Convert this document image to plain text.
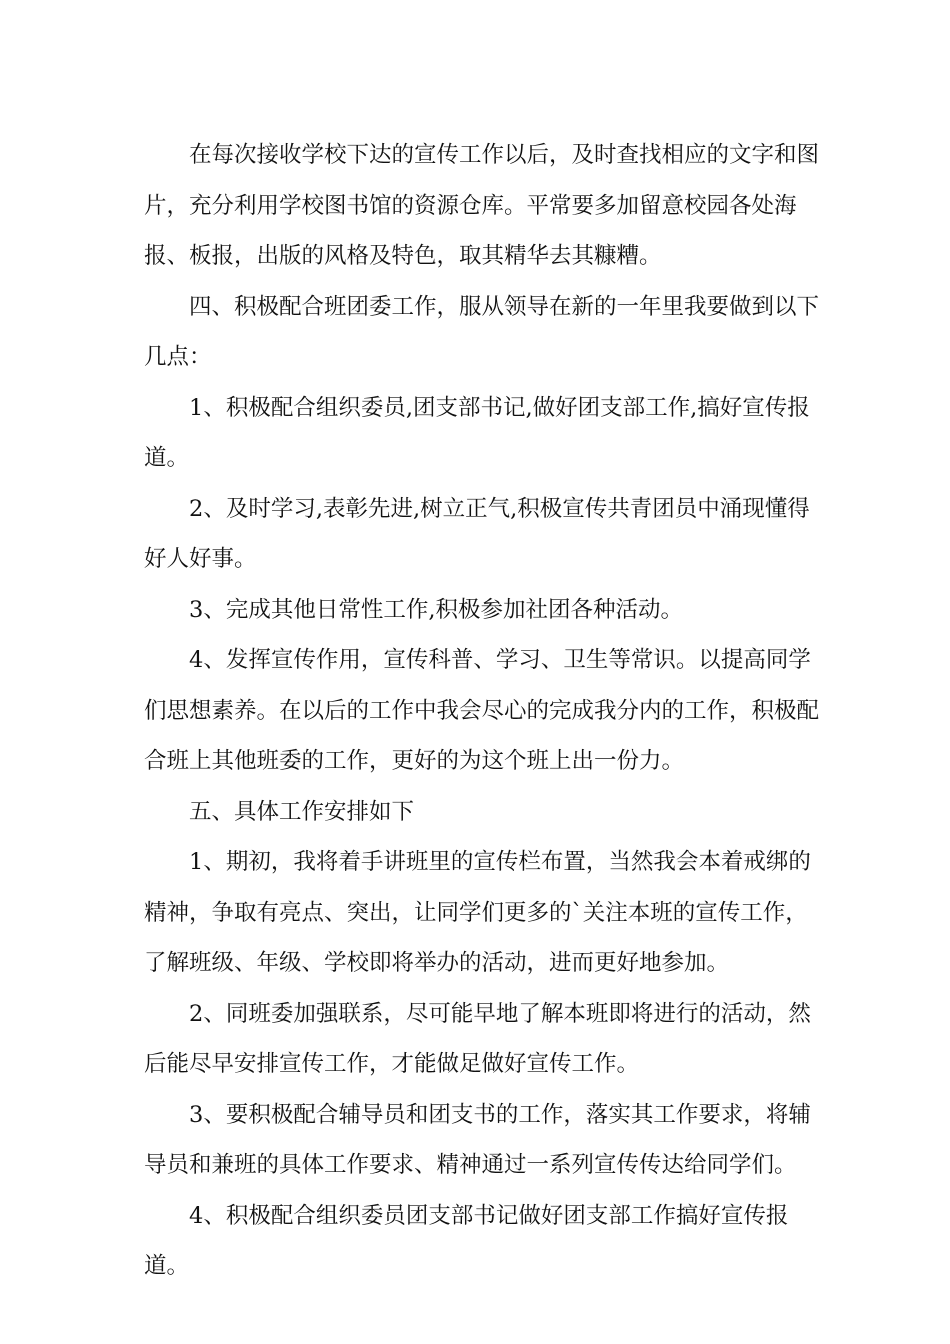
在每次接收学校下达的宣传工作以后，及时查找相应的文字和图片，充分利用学校图书馆的资源仓库。平常要多加留意校园各处海报、板报，出版的风格及特色，取其精华去其糠糟。

四、积极配合班团委工作，服从领导在新的一年里我要做到以下几点：

1、积极配合组织委员,团支部书记,做好团支部工作,搞好宣传报道。

2、及时学习,表彰先进,树立正气,积极宣传共青团员中涌现懂得好人好事。

3、完成其他日常性工作,积极参加社团各种活动。

4、发挥宣传作用，宣传科普、学习、卫生等常识。以提高同学们思想素养。在以后的工作中我会尽心的完成我分内的工作，积极配合班上其他班委的工作，更好的为这个班上出一份力。

五、具体工作安排如下

1、期初，我将着手讲班里的宣传栏布置，当然我会本着戒绑的精神，争取有亮点、突出，让同学们更多的`关注本班的宣传工作，了解班级、年级、学校即将举办的活动，进而更好地参加。

2、同班委加强联系，尽可能早地了解本班即将进行的活动，然后能尽早安排宣传工作，才能做足做好宣传工作。

3、要积极配合辅导员和团支书的工作，落实其工作要求，将辅导员和兼班的具体工作要求、精神通过一系列宣传传达给同学们。

4、积极配合组织委员团支部书记做好团支部工作搞好宣传报道。
